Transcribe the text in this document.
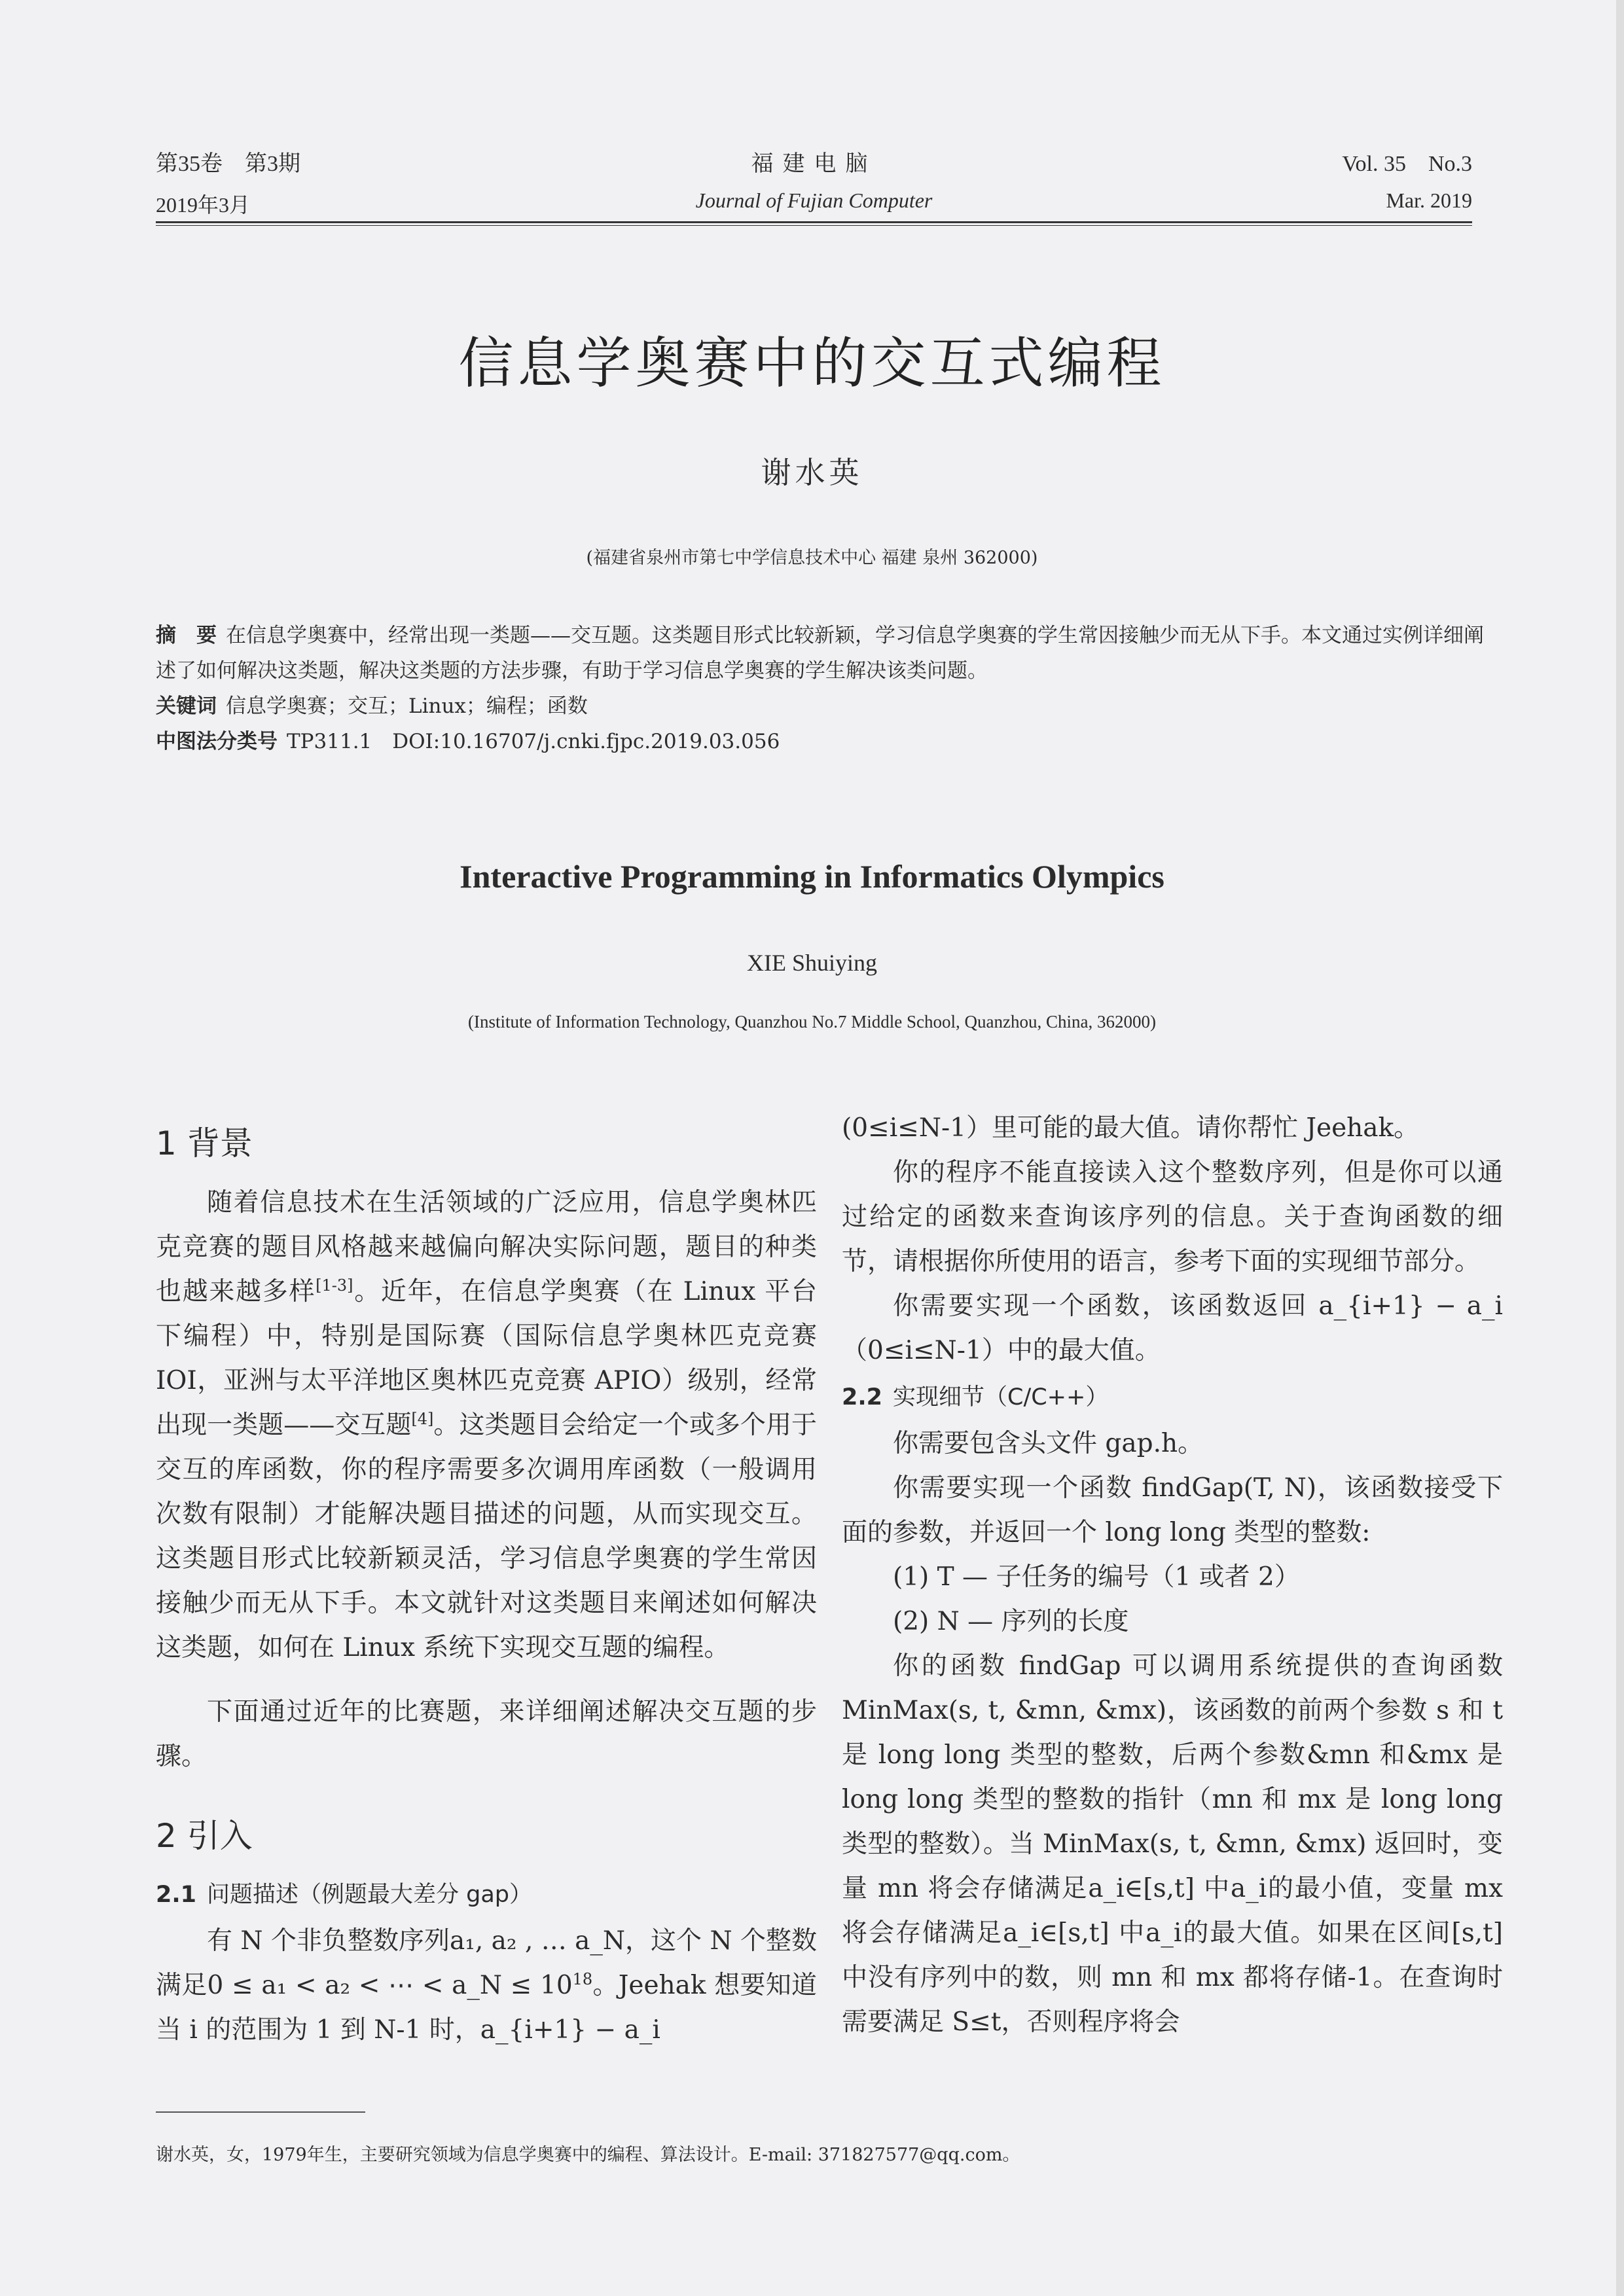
第35卷　第3期	福建电脑	Vol. 35　No.3
2019年3月	Journal of Fujian Computer	Mar. 2019
信息学奥赛中的交互式编程
谢水英
(福建省泉州市第七中学信息技术中心 福建 泉州 362000)
摘　要 在信息学奥赛中，经常出现一类题——交互题。这类题目形式比较新颖，学习信息学奥赛的学生常因接触少而无从下手。本文通过实例详细阐述了如何解决这类题，解决这类题的方法步骤，有助于学习信息学奥赛的学生解决该类问题。
关键词 信息学奥赛；交互；Linux；编程；函数
中图法分类号 TP311.1　DOI:10.16707/j.cnki.fjpc.2019.03.056
Interactive Programming in Informatics Olympics
XIE Shuiying
(Institute of Information Technology, Quanzhou No.7 Middle School, Quanzhou, China, 362000)
1 背景

随着信息技术在生活领域的广泛应用，信息学奥林匹克竞赛的题目风格越来越偏向解决实际问题，题目的种类也越来越多样[1-3]。近年，在信息学奥赛（在 Linux 平台下编程）中，特别是国际赛（国际信息学奥林匹克竞赛 IOI，亚洲与太平洋地区奥林匹克竞赛 APIO）级别，经常出现一类题——交互题[4]。这类题目会给定一个或多个用于交互的库函数，你的程序需要多次调用库函数（一般调用次数有限制）才能解决题目描述的问题，从而实现交互。这类题目形式比较新颖灵活，学习信息学奥赛的学生常因接触少而无从下手。本文就针对这类题目来阐述如何解决这类题，如何在 Linux 系统下实现交互题的编程。

下面通过近年的比赛题，来详细阐述解决交互题的步骤。

2 引入
2.1 问题描述（例题最大差分 gap）

有 N 个非负整数序列a₁, a₂ , … a_N，这个 N 个整数满足0 ≤ a₁ < a₂ < ⋯ < a_N ≤ $10^{18}$。Jeehak 想要知道当 i 的范围为 1 到 N-1 时，a_{i+1} − a_i

(0≤i≤N-1）里可能的最大值。请你帮忙 Jeehak。

你的程序不能直接读入这个整数序列，但是你可以通过给定的函数来查询该序列的信息。关于查询函数的细节，请根据你所使用的语言，参考下面的实现细节部分。

你需要实现一个函数，该函数返回 a_{i+1} − a_i（0≤i≤N-1）中的最大值。

2.2 实现细节（C/C++）

你需要包含头文件 gap.h。

你需要实现一个函数 findGap(T, N)，该函数接受下面的参数，并返回一个 long long 类型的整数:

(1) T — 子任务的编号（1 或者 2）

(2) N — 序列的长度

你的函数 findGap 可以调用系统提供的查询函数 MinMax(s, t, &mn, &mx)，该函数的前两个参数 s 和 t 是 long long 类型的整数，后两个参数&mn 和&mx 是 long long 类型的整数的指针（mn 和 mx 是 long long 类型的整数）。当 MinMax(s, t, &mn, &mx) 返回时，变量 mn 将会存储满足a_i∈[s,t] 中a_i的最小值，变量 mx 将会存储满足a_i∈[s,t] 中a_i的最大值。如果在区间[s,t]中没有序列中的数，则 mn 和 mx 都将存储-1。在查询时需要满足 S≤t，否则程序将会

谢水英，女，1979年生，主要研究领域为信息学奥赛中的编程、算法设计。E-mail: 371827577@qq.com。
